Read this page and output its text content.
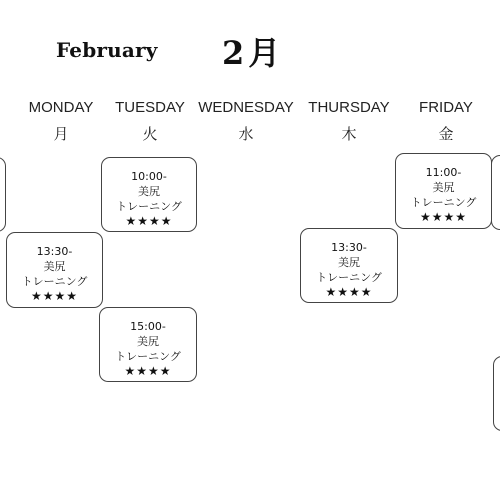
February 2月
MONDAY
月
TUESDAY
火
WEDNESDAY
水
THURSDAY
木
FRIDAY
金
10:00-
美尻
トレーニング
★★★★
11:00-
美尻
トレーニング
★★★★
13:30-
美尻
トレーニング
★★★★
13:30-
美尻
トレーニング
★★★★
15:00-
美尻
トレーニング
★★★★
